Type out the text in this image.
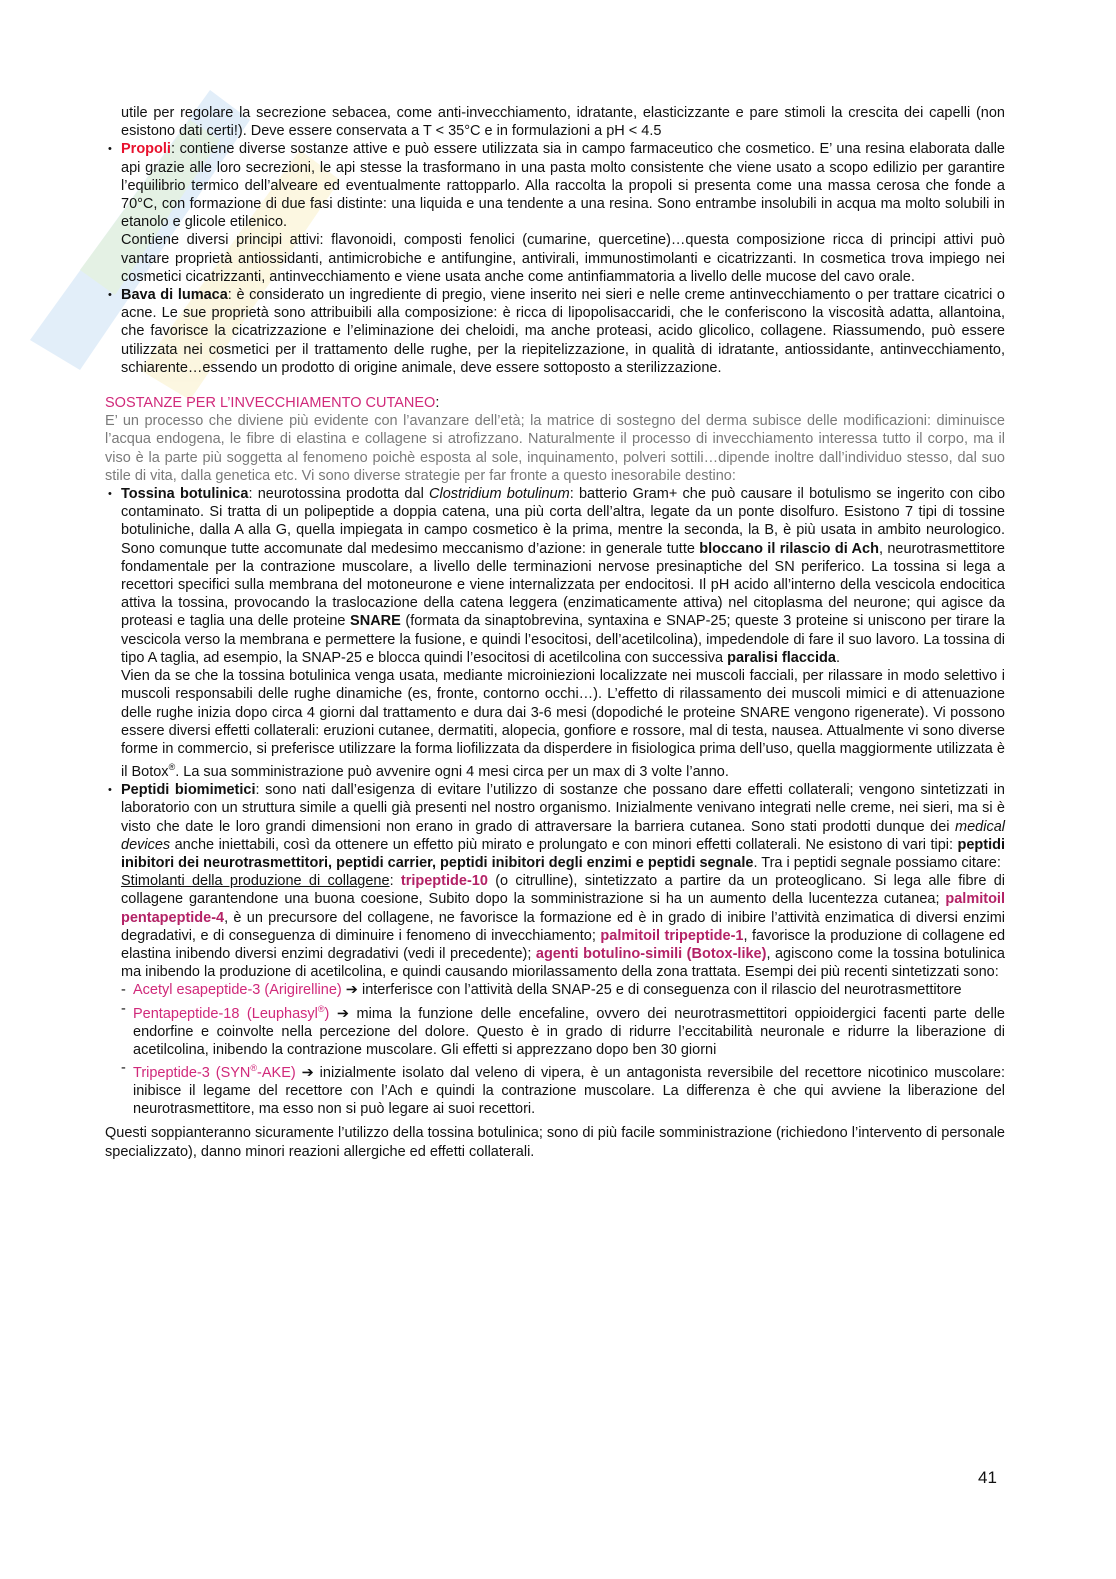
utile per regolare la secrezione sebacea, come anti-invecchiamento, idratante, elasticizzante e pare stimoli la crescita dei capelli (non esistono dati certi!). Deve essere conservata a T < 35°C e in formulazioni a pH < 4.5

• Propoli: contiene diverse sostanze attive e può essere utilizzata sia in campo farmaceutico che cosmetico. E’ una resina elaborata dalle api grazie alle loro secrezioni, le api stesse la trasformano in una pasta molto consistente che viene usato a scopo edilizio per garantire l’equilibrio termico dell’alveare ed eventualmente rattopparlo. Alla raccolta la propoli si presenta come una massa cerosa che fonde a 70°C, con formazione di due fasi distinte: una liquida e una tendente a una resina. Sono entrambe insolubili in acqua ma molto solubili in etanolo e glicole etilenico.

Contiene diversi principi attivi: flavonoidi, composti fenolici (cumarine, quercetine)…questa composizione ricca di principi attivi può vantare proprietà antiossidanti, antimicrobiche e antifungine, antivirali, immunostimolanti e cicatrizzanti. In cosmetica trova impiego nei cosmetici cicatrizzanti, antinvecchiamento e viene usata anche come antinfiammatoria a livello delle mucose del cavo orale.

• Bava di lumaca: è considerato un ingrediente di pregio, viene inserito nei sieri e nelle creme antinvecchiamento o per trattare cicatrici o acne. Le sue proprietà sono attribuibili alla composizione: è ricca di lipopolisaccaridi, che le conferiscono la viscosità adatta, allantoina, che favorisce la cicatrizzazione e l’eliminazione dei cheloidi, ma anche proteasi, acido glicolico, collagene. Riassumendo, può essere utilizzata nei cosmetici per il trattamento delle rughe, per la riepitelizzazione, in qualità di idratante, antiossidante, antinvecchiamento, schiarente…essendo un prodotto di origine animale, deve essere sottoposto a sterilizzazione.

SOSTANZE PER L’INVECCHIAMENTO CUTANEO:

E’ un processo che diviene più evidente con l’avanzare dell’età; la matrice di sostegno del derma subisce delle modificazioni: diminuisce l’acqua endogena, le fibre di elastina e collagene si atrofizzano. Naturalmente il processo di invecchiamento interessa tutto il corpo, ma il viso è la parte più soggetta al fenomeno poichè esposta al sole, inquinamento, polveri sottili…dipende inoltre dall’individuo stesso, dal suo stile di vita, dalla genetica etc. Vi sono diverse strategie per far fronte a questo inesorabile destino:

• Tossina botulinica: neurotossina prodotta dal Clostridium botulinum: batterio Gram+ che può causare il botulismo se ingerito con cibo contaminato. Si tratta di un polipeptide a doppia catena, una più corta dell’altra, legate da un ponte disolfuro. Esistono 7 tipi di tossine botuliniche, dalla A alla G, quella impiegata in campo cosmetico è la prima, mentre la seconda, la B, è più usata in ambito neurologico. Sono comunque tutte accomunate dal medesimo meccanismo d’azione: in generale tutte bloccano il rilascio di Ach, neurotrasmettitore fondamentale per la contrazione muscolare, a livello delle terminazioni nervose presinaptiche del SN periferico. La tossina si lega a recettori specifici sulla membrana del motoneurone e viene internalizzata per endocitosi. Il pH acido all’interno della vescicola endocitica attiva la tossina, provocando la traslocazione della catena leggera (enzimaticamente attiva) nel citoplasma del neurone; qui agisce da proteasi e taglia una delle proteine SNARE (formata da sinaptobrevina, syntaxina e SNAP-25; queste 3 proteine si uniscono per tirare la vescicola verso la membrana e permettere la fusione, e quindi l’esocitosi, dell’acetilcolina), impedendole di fare il suo lavoro. La tossina di tipo A taglia, ad esempio, la SNAP-25 e blocca quindi l’esocitosi di acetilcolina con successiva paralisi flaccida.

Vien da se che la tossina botulinica venga usata, mediante microiniezioni localizzate nei muscoli facciali, per rilassare in modo selettivo i muscoli responsabili delle rughe dinamiche (es, fronte, contorno occhi…). L’effetto di rilassamento dei muscoli mimici e di attenuazione delle rughe inizia dopo circa 4 giorni dal trattamento e dura dai 3-6 mesi (dopodiché le proteine SNARE vengono rigenerate). Vi possono essere diversi effetti collaterali: eruzioni cutanee, dermatiti, alopecia, gonfiore e rossore, mal di testa, nausea. Attualmente vi sono diverse forme in commercio, si preferisce utilizzare la forma liofilizzata da disperdere in fisiologica prima dell’uso, quella maggiormente utilizzata è il Botox®. La sua somministrazione può avvenire ogni 4 mesi circa per un max di 3 volte l’anno.

• Peptidi biomimetici: sono nati dall’esigenza di evitare l’utilizzo di sostanze che possano dare effetti collaterali; vengono sintetizzati in laboratorio con un struttura simile a quelli già presenti nel nostro organismo. Inizialmente venivano integrati nelle creme, nei sieri, ma si è visto che date le loro grandi dimensioni non erano in grado di attraversare la barriera cutanea. Sono stati prodotti dunque dei medical devices anche iniettabili, così da ottenere un effetto più mirato e prolungato e con minori effetti collaterali. Ne esistono di vari tipi: peptidi inibitori dei neurotrasmettitori, peptidi carrier, peptidi inibitori degli enzimi e peptidi segnale. Tra i peptidi segnale possiamo citare:

Stimolanti della produzione di collagene: tripeptide-10 (o citrulline), sintetizzato a partire da un proteoglicano. Si lega alle fibre di collagene garantendone una buona coesione, Subito dopo la somministrazione si ha un aumento della lucentezza cutanea; palmitoil pentapeptide-4, è un precursore del collagene, ne favorisce la formazione ed è in grado di inibire l’attività enzimatica di diversi enzimi degradativi, e di conseguenza di diminuire i fenomeno di invecchiamento; palmitoil tripeptide-1, favorisce la produzione di collagene ed elastina inibendo diversi enzimi degradativi (vedi il precedente); agenti botulino-simili (Botox-like), agiscono come la tossina botulinica ma inibendo la produzione di acetilcolina, e quindi causando miorilassamento della zona trattata. Esempi dei più recenti sintetizzati sono:

- Acetyl esapeptide-3 (Arigirelline) ➔ interferisce con l’attività della SNAP-25 e di conseguenza con il rilascio del neurotrasmettitore
- Pentapeptide-18 (Leuphasyl®) ➔ mima la funzione delle encefaline, ovvero dei neurotrasmettitori oppioidergici facenti parte delle endorfine e coinvolte nella percezione del dolore. Questo è in grado di ridurre l’eccitabilità neuronale e ridurre la liberazione di acetilcolina, inibendo la contrazione muscolare. Gli effetti si apprezzano dopo ben 30 giorni
- Tripeptide-3 (SYN®-AKE) ➔ inizialmente isolato dal veleno di vipera, è un antagonista reversibile del recettore nicotinico muscolare: inibisce il legame del recettore con l’Ach e quindi la contrazione muscolare. La differenza è che qui avviene la liberazione del neurotrasmettitore, ma esso non si può legare ai suoi recettori.

Questi soppianteranno sicuramente l’utilizzo della tossina botulinica; sono di più facile somministrazione (richiedono l’intervento di personale specializzato), danno minori reazioni allergiche ed effetti collaterali.

41
